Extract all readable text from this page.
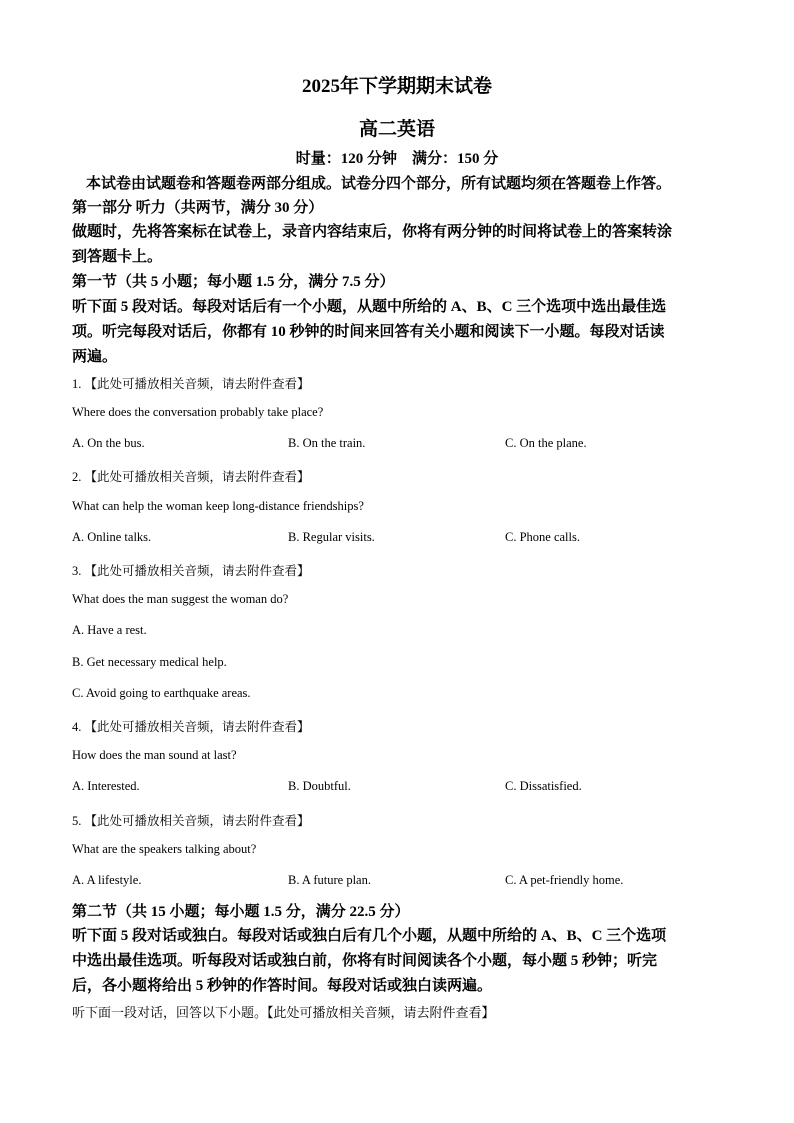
2025年下学期期末试卷
高二英语
时量：120 分钟    满分：150 分
本试卷由试题卷和答题卷两部分组成。试卷分四个部分，所有试题均须在答题卷上作答。
第一部分 听力（共两节，满分 30 分）
做题时，先将答案标在试卷上，录音内容结束后，你将有两分钟的时间将试卷上的答案转涂
到答题卡上。
第一节（共 5 小题；每小题 1.5 分，满分 7.5 分）
听下面 5 段对话。每段对话后有一个小题，从题中所给的 A、B、C 三个选项中选出最佳选
项。听完每段对话后，你都有 10 秒钟的时间来回答有关小题和阅读下一小题。每段对话读
两遍。
1. 【此处可播放相关音频，请去附件查看】
Where does the conversation probably take place?
A. On the bus.	B. On the train.	C. On the plane.
2. 【此处可播放相关音频，请去附件查看】
What can help the woman keep long-distance friendships?
A. Online talks.	B. Regular visits.	C. Phone calls.
3. 【此处可播放相关音频，请去附件查看】
What does the man suggest the woman do?
A. Have a rest.
B. Get necessary medical help.
C. Avoid going to earthquake areas.
4. 【此处可播放相关音频，请去附件查看】
How does the man sound at last?
A. Interested.	B. Doubtful.	C. Dissatisfied.
5. 【此处可播放相关音频，请去附件查看】
What are the speakers talking about?
A. A lifestyle.	B. A future plan.	C. A pet-friendly home.
第二节（共 15 小题；每小题 1.5 分，满分 22.5 分）
听下面 5 段对话或独白。每段对话或独白后有几个小题，从题中所给的 A、B、C 三个选项
中选出最佳选项。听每段对话或独白前，你将有时间阅读各个小题，每小题 5 秒钟；听完
后，各小题将给出 5 秒钟的作答时间。每段对话或独白读两遍。
听下面一段对话，回答以下小题。【此处可播放相关音频，请去附件查看】
